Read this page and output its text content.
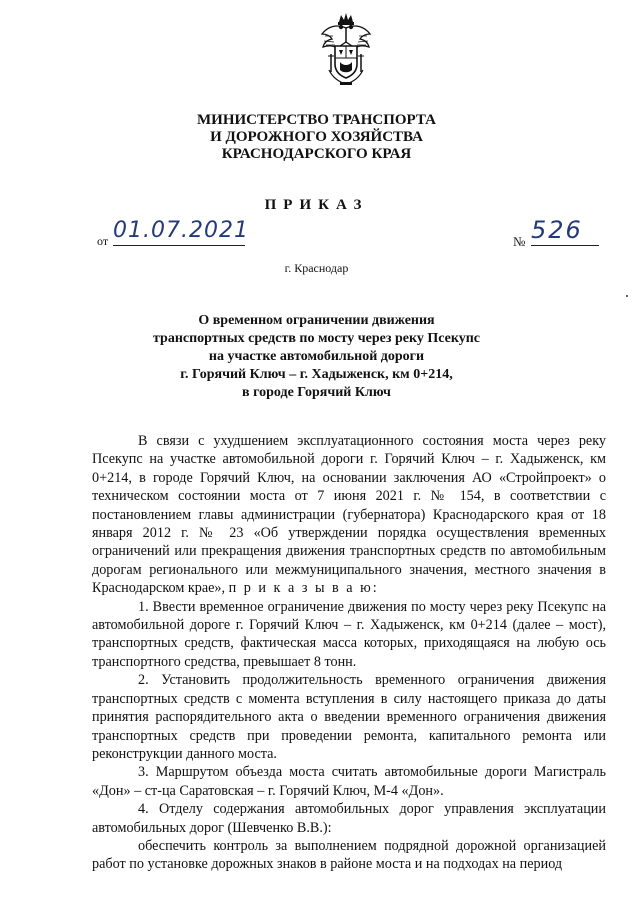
МИНИСТЕРСТВО ТРАНСПОРТА
И ДОРОЖНОГО ХОЗЯЙСТВА
КРАСНОДАРСКОГО КРАЯ
ПРИКАЗ
от 01.07.2021	№ 526
г. Краснодар
О временном ограничении движения
транспортных средств по мосту через реку Псекупс
на участке автомобильной дороги
г. Горячий Ключ – г. Хадыженск, км 0+214,
в городе Горячий Ключ

В связи с ухудшением эксплуатационного состояния моста через реку Псекупс на участке автомобильной дороги г. Горячий Ключ – г. Хадыженск, км 0+214, в городе Горячий Ключ, на основании заключения АО «Стройпроект» о техническом состоянии моста от 7 июня 2021 г. № 154, в соответствии с постановлением главы администрации (губернатора) Краснодарского края от 18 января 2012 г. № 23 «Об утверждении порядка осуществления временных ограничений или прекращения движения транспортных средств по автомобильным дорогам регионального или межмуниципального значения, местного значения в Краснодарском крае», п р и к а з ы в а ю:

1. Ввести временное ограничение движения по мосту через реку Псекупс на автомобильной дороге г. Горячий Ключ – г. Хадыженск, км 0+214 (далее – мост), транспортных средств, фактическая масса которых, приходящаяся на любую ось транспортного средства, превышает 8 тонн.

2. Установить продолжительность временного ограничения движения транспортных средств с момента вступления в силу настоящего приказа до даты принятия распорядительного акта о введении временного ограничения движения транспортных средств при проведении ремонта, капитального ремонта или реконструкции данного моста.

3. Маршрутом объезда моста считать автомобильные дороги Магистраль «Дон» – ст-ца Саратовская – г. Горячий Ключ, М-4 «Дон».

4. Отделу содержания автомобильных дорог управления эксплуатации автомобильных дорог (Шевченко В.В.):

обеспечить контроль за выполнением подрядной дорожной организацией работ по установке дорожных знаков в районе моста и на подходах на период
